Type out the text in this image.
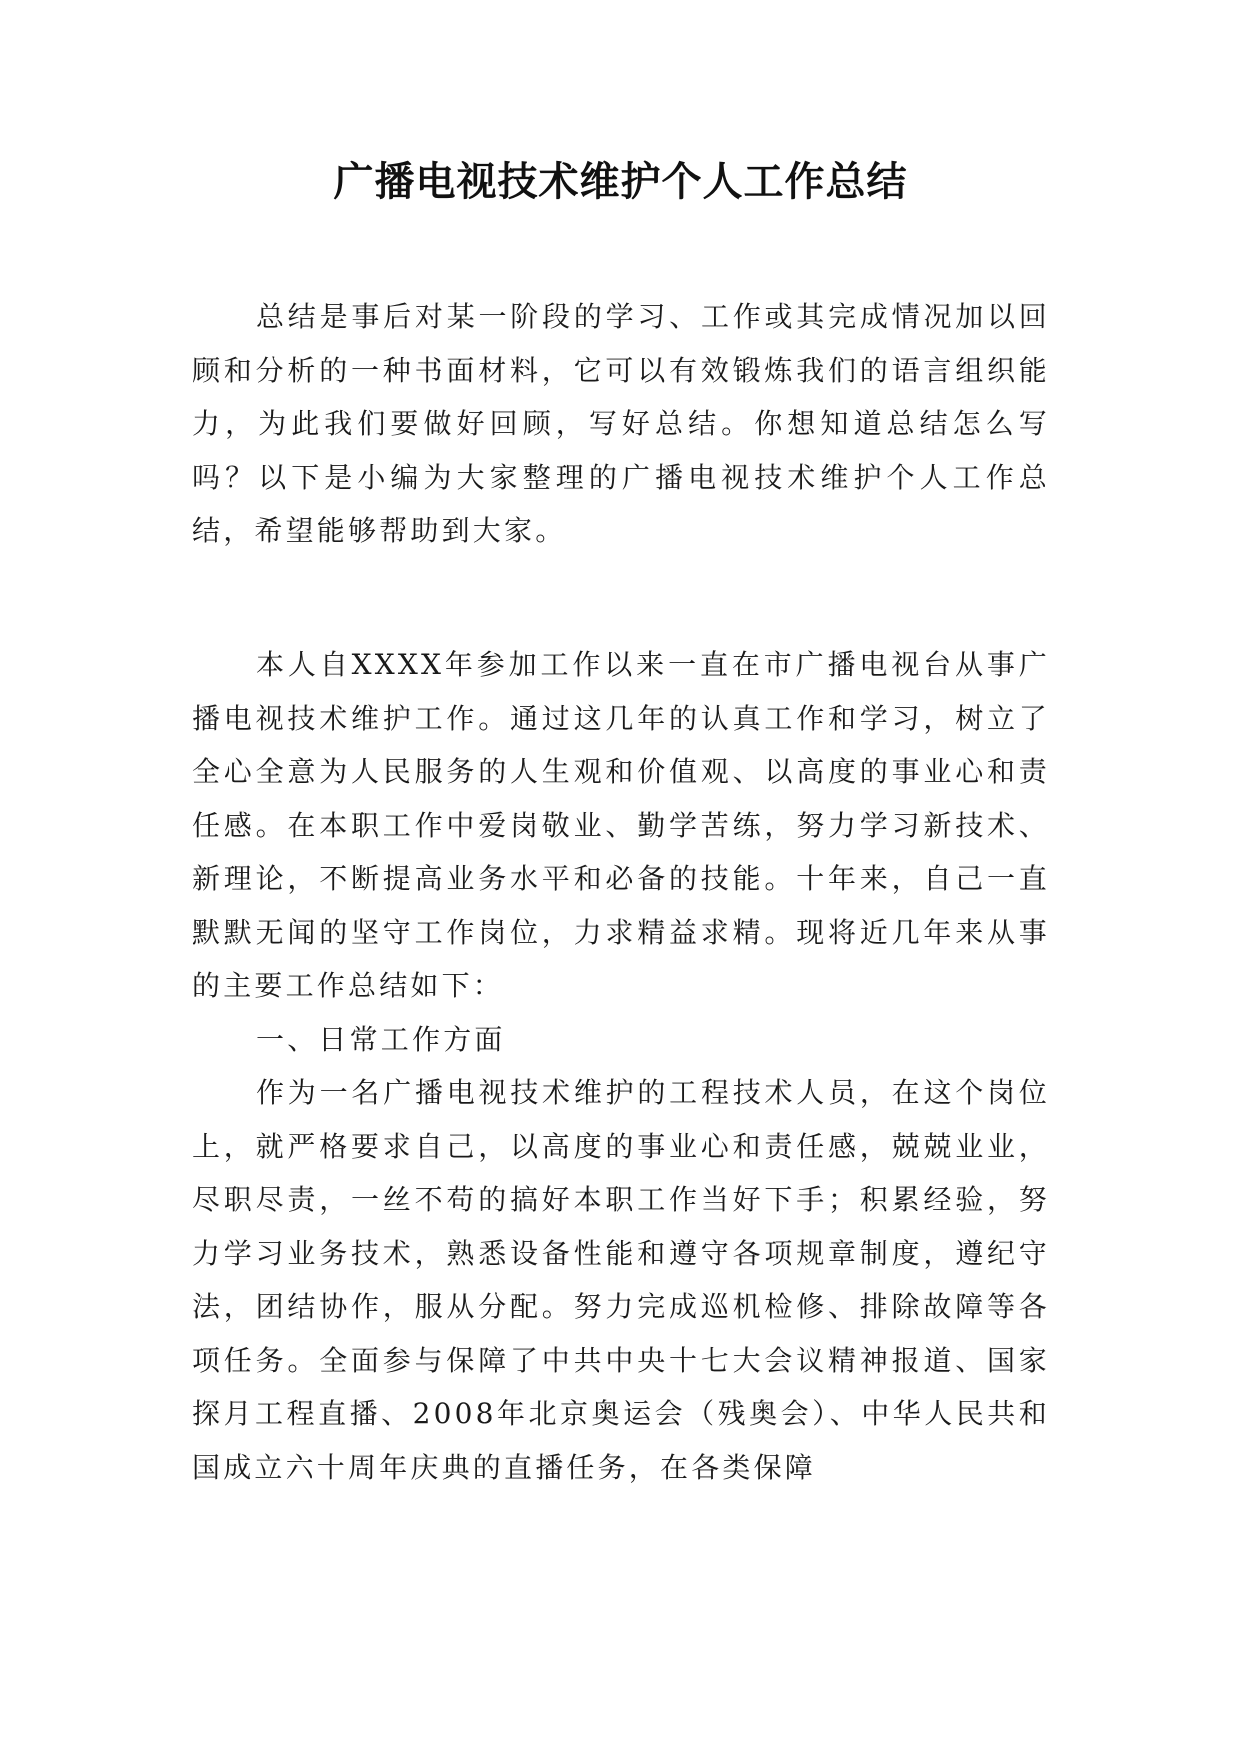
广播电视技术维护个人工作总结

总结是事后对某一阶段的学习、工作或其完成情况加以回顾和分析的一种书面材料，它可以有效锻炼我们的语言组织能力，为此我们要做好回顾，写好总结。你想知道总结怎么写吗？以下是小编为大家整理的广播电视技术维护个人工作总结，希望能够帮助到大家。

本人自XXXX年参加工作以来一直在市广播电视台从事广播电视技术维护工作。通过这几年的认真工作和学习，树立了全心全意为人民服务的人生观和价值观、以高度的事业心和责任感。在本职工作中爱岗敬业、勤学苦练，努力学习新技术、新理论，不断提高业务水平和必备的技能。十年来，自己一直默默无闻的坚守工作岗位，力求精益求精。现将近几年来从事的主要工作总结如下：

一、日常工作方面

作为一名广播电视技术维护的工程技术人员，在这个岗位上，就严格要求自己，以高度的事业心和责任感，兢兢业业，尽职尽责，一丝不苟的搞好本职工作当好下手；积累经验，努力学习业务技术，熟悉设备性能和遵守各项规章制度，遵纪守法，团结协作，服从分配。努力完成巡机检修、排除故障等各项任务。全面参与保障了中共中央十七大会议精神报道、国家探月工程直播、2008年北京奥运会（残奥会）、中华人民共和国成立六十周年庆典的直播任务，在各类保障
